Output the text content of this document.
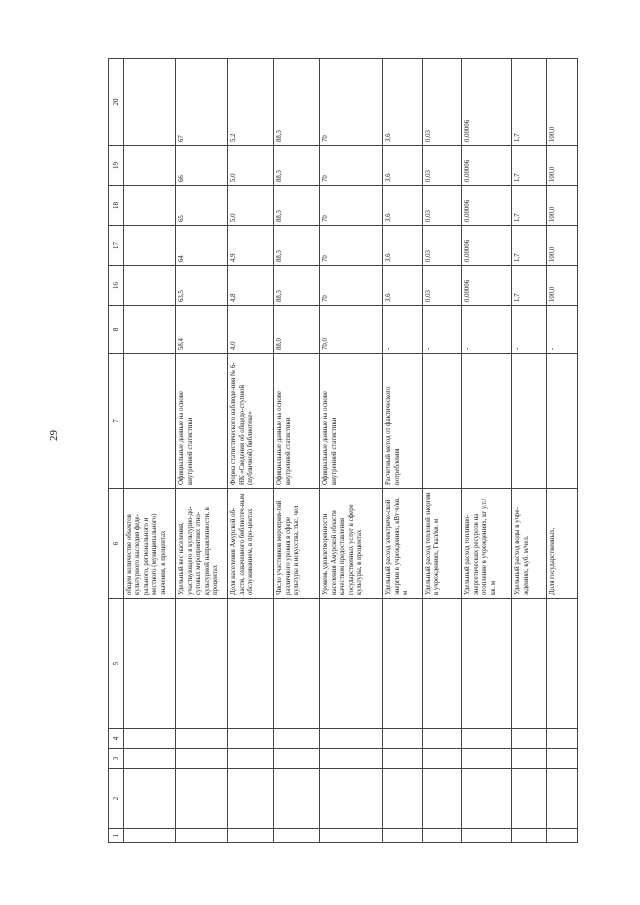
29
1	2	3	4	5	6	7	8	16	17	18	19	20
					общем количестве объектов культурного наследия феде-рального, регионального и местного (муниципального) значения, в процентах							
					Удельный вес населения, участвующего в культурно-до-суговых мероприятиях этно-культурной направленности, в процентах	Официальные данные на основе внутренней статистики	58,4	63,5	64	65	66	67
					Доля населения Амурской об-ласти, охваченного библиотеч-ным обслуживанием, в про-центах	Форма статистического наблюде-ния № 6-НК «Сведения об общедо-ступной (публичной) библиотеке»	4,0	4,8	4,9	5,0	5,0	5,2
					Число участников мероприя-тий различного уровня в сфере культуры и искусства, тыс. чел	Официальные данные на основе внутренней статистики	88,0	88,3	88,3	88,3	88,3	88,3
					Уровень удовлетворенности населения Амурской области качеством предоставления государственных услуг в сфере культуры, в процентах	Официальные данные на основе внутренней статистики	70,0	70	70	70	70	70
					Удельный расход электриче-ской энергии в учреждениях, кВт·ч/кв. м	Расчетный метод от фактического потребления	-	3,6	3,6	3,6	3,6	3,6
					Удельный расход тепловой энергии в учреждениях, Гкал/кв. м		-	0,03	0,03	0,03	0,03	0,03
					Удельный расход топливно-энергетических ресурсов на отопление в учреждениях, кг у.т./кв. м		-	0,00006	0,00006	0,00006	0,00006	0,00006
					Удельный расход воды в учре-ждениях, куб. м/чел.		-	1,7	1,7	1,7	1,7	1,7
					Доля государственных,		-	100,0	100,0	100,0	100,0	100,0
